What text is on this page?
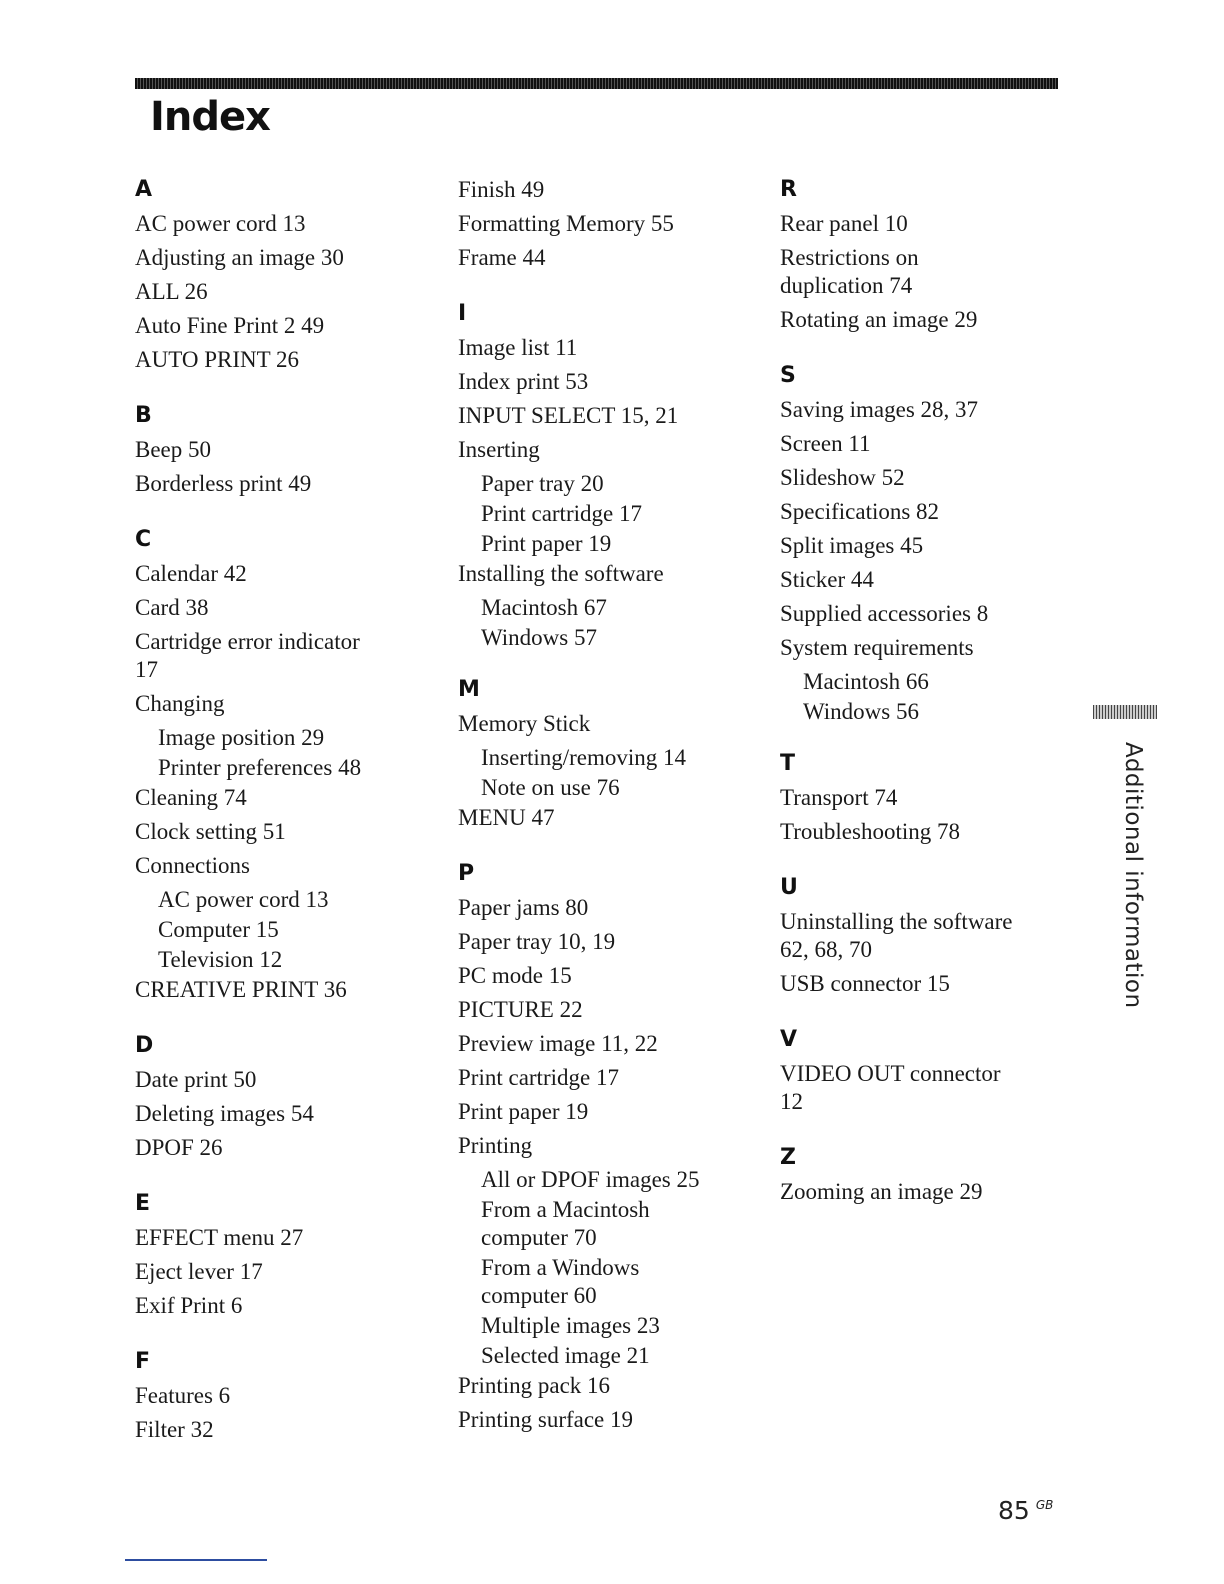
Index
A
AC power cord 13
Adjusting an image 30
ALL 26
Auto Fine Print 2 49
AUTO PRINT 26
B
Beep 50
Borderless print 49
C
Calendar 42
Card 38
Cartridge error indicator
17
Changing
Image position 29
Printer preferences 48
Cleaning 74
Clock setting 51
Connections
AC power cord 13
Computer 15
Television 12
CREATIVE PRINT 36
D
Date print 50
Deleting images 54
DPOF 26
E
EFFECT menu 27
Eject lever 17
Exif Print 6
F
Features 6
Filter 32
Finish 49
Formatting Memory 55
Frame 44
I
Image list 11
Index print 53
INPUT SELECT 15, 21
Inserting
Paper tray 20
Print cartridge 17
Print paper 19
Installing the software
Macintosh 67
Windows 57
M
Memory Stick
Inserting/removing 14
Note on use 76
MENU 47
P
Paper jams 80
Paper tray 10, 19
PC mode 15
PICTURE 22
Preview image 11, 22
Print cartridge 17
Print paper 19
Printing
All or DPOF images 25
From a Macintosh
computer 70
From a Windows
computer 60
Multiple images 23
Selected image 21
Printing pack 16
Printing surface 19
R
Rear panel 10
Restrictions on
duplication 74
Rotating an image 29
S
Saving images 28, 37
Screen 11
Slideshow 52
Specifications 82
Split images 45
Sticker 44
Supplied accessories 8
System requirements
Macintosh 66
Windows 56
T
Transport 74
Troubleshooting 78
U
Uninstalling the software
62, 68, 70
USB connector 15
V
VIDEO OUT connector
12
Z
Zooming an image 29
Additional information
85 $^{GB}$
